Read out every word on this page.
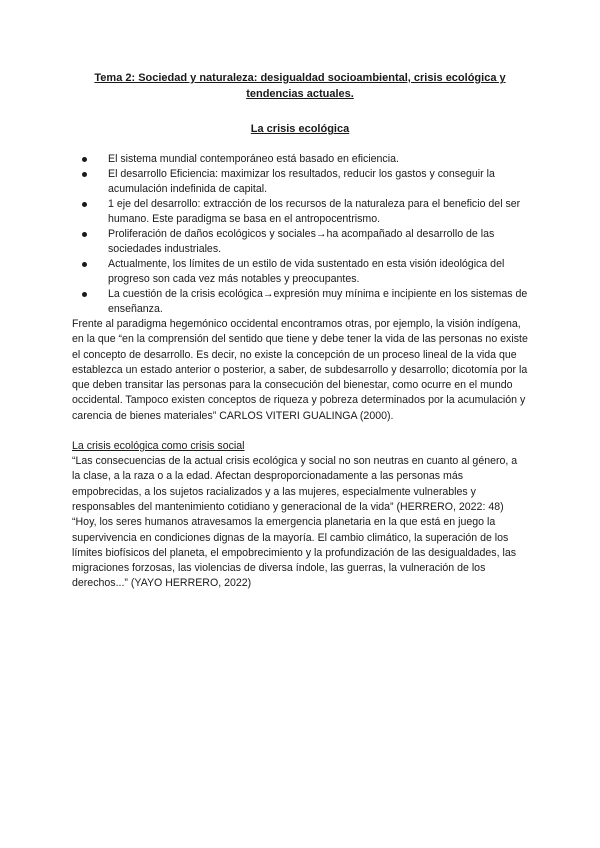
Tema 2: Sociedad y naturaleza: desigualdad socioambiental, crisis ecológica y tendencias actuales.
La crisis ecológica
El sistema mundial contemporáneo está basado en eficiencia.
El desarrollo Eficiencia: maximizar los resultados, reducir los gastos y conseguir la acumulación indefinida de capital.
1 eje del desarrollo: extracción de los recursos de la naturaleza para el beneficio del ser humano. Este paradigma se basa en el antropocentrismo.
Proliferación de daños ecológicos y sociales→ha acompañado al desarrollo de las sociedades industriales.
Actualmente, los límites de un estilo de vida sustentado en esta visión ideológica del progreso son cada vez más notables y preocupantes.
La cuestión de la crisis ecológica→expresión muy mínima e incipiente en los sistemas de enseñanza.

Frente al paradigma hegemónico occidental encontramos otras, por ejemplo, la visión indígena, en la que “en la comprensión del sentido que tiene y debe tener la vida de las personas no existe el concepto de desarrollo. Es decir, no existe la concepción de un proceso lineal de la vida que establezca un estado anterior o posterior, a saber, de subdesarrollo y desarrollo; dicotomía por la que deben transitar las personas para la consecución del bienestar, como ocurre en el mundo occidental. Tampoco existen conceptos de riqueza y pobreza determinados por la acumulación y carencia de bienes materiales” CARLOS VITERI GUALINGA (2000).

La crisis ecológica como crisis social

“Las consecuencias de la actual crisis ecológica y social no son neutras en cuanto al género, a la clase, a la raza o a la edad. Afectan desproporcionadamente a las personas más empobrecidas, a los sujetos racializados y a las mujeres, especialmente vulnerables y responsables del mantenimiento cotidiano y generacional de la vida” (HERRERO, 2022: 48)

“Hoy, los seres humanos atravesamos la emergencia planetaria en la que está en juego la supervivencia en condiciones dignas de la mayoría. El cambio climático, la superación de los límites biofísicos del planeta, el empobrecimiento y la profundización de las desigualdades, las migraciones forzosas, las violencias de diversa índole, las guerras, la vulneración de los derechos...” (YAYO HERRERO, 2022)
